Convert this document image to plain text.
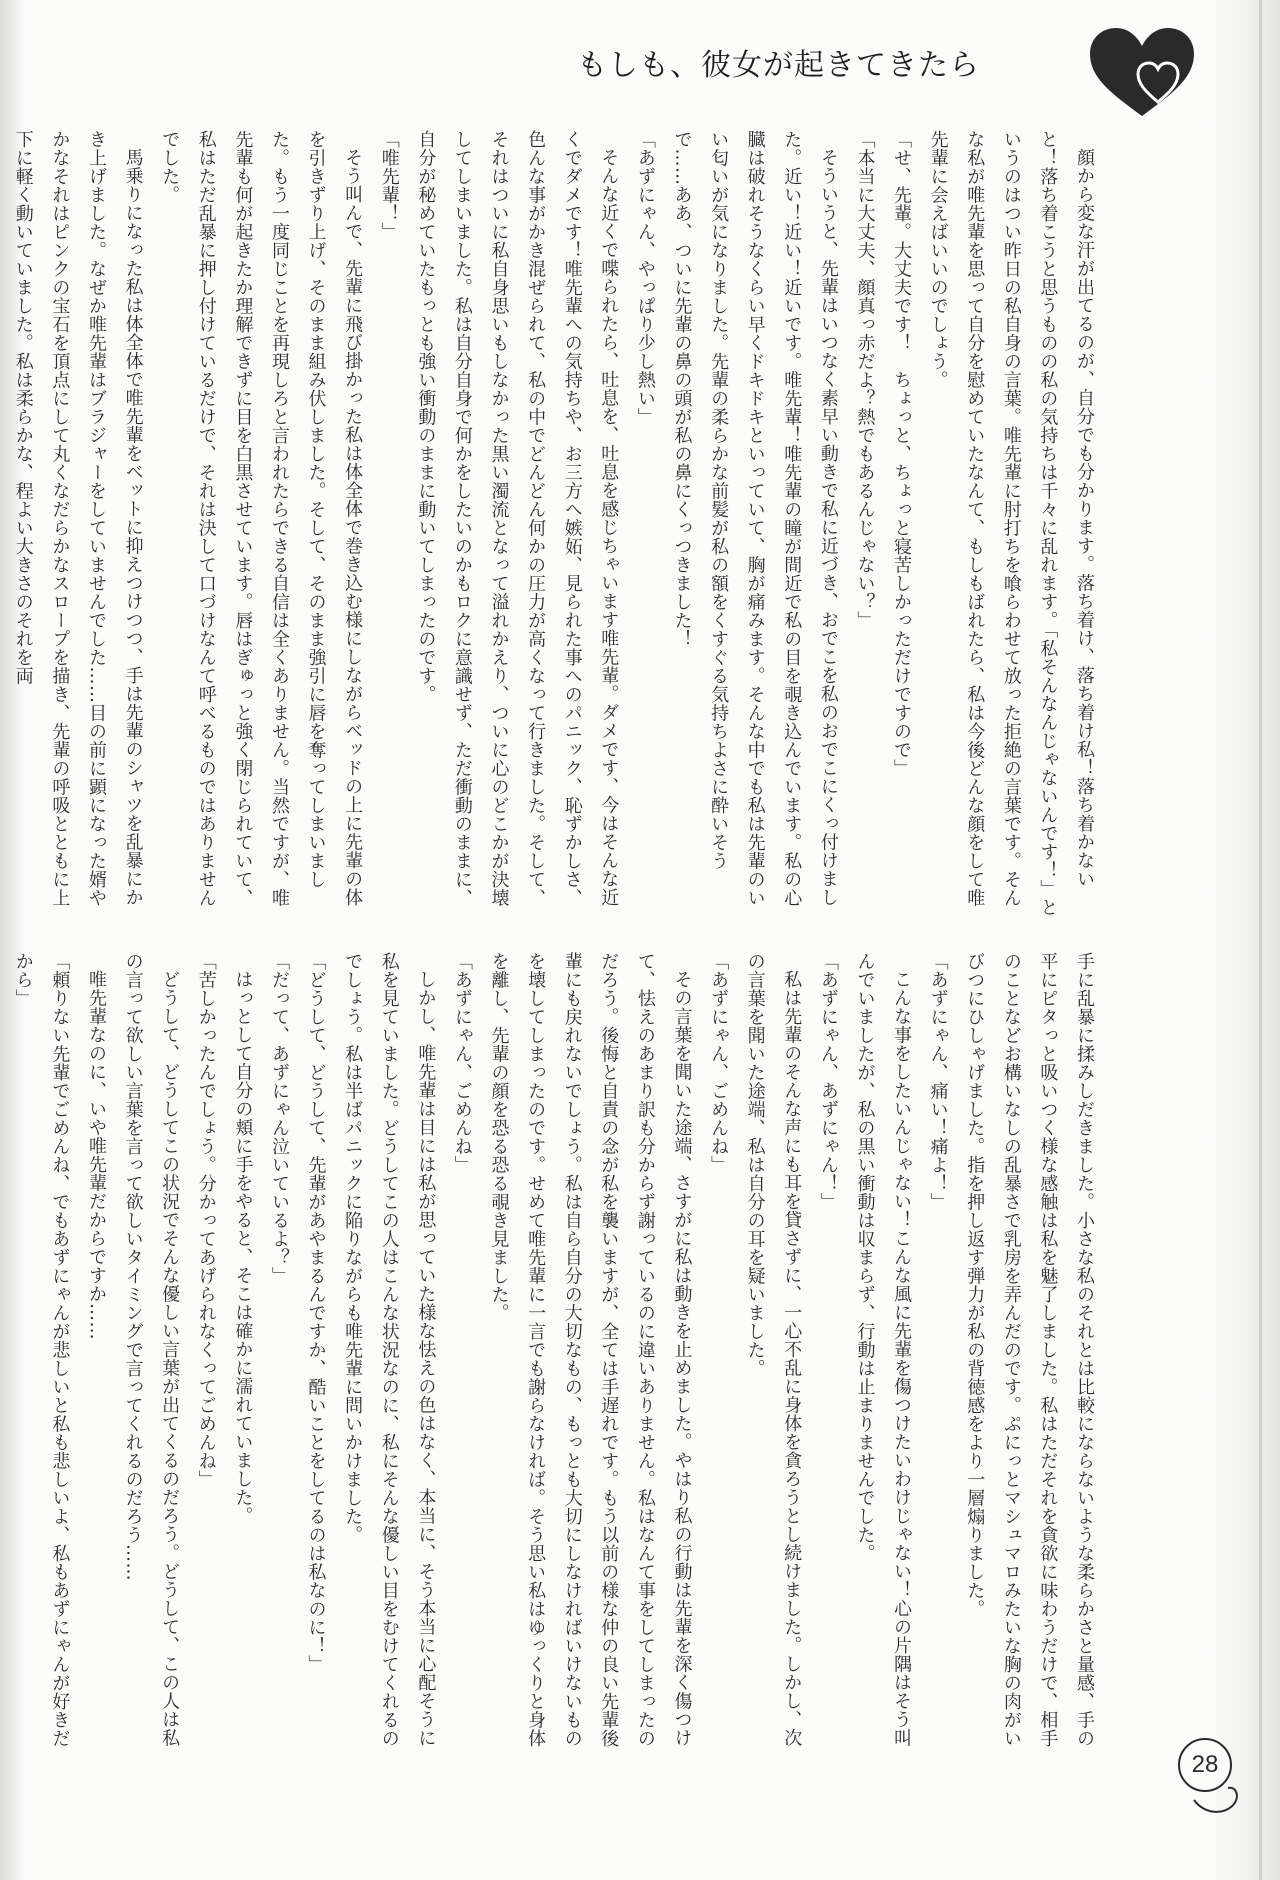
もしも、彼女が起きてきたら

顔から変な汗が出てるのが、自分でも分かります。落ち着け、落ち着け私！落ち着かないと！落ち着こうと思うものの私の気持ちは千々に乱れます。「私そんなんじゃないんです！」というのはつい昨日の私自身の言葉。唯先輩に肘打ちを喰らわせて放った拒絶の言葉です。そんな私が唯先輩を思って自分を慰めていたなんて、もしもばれたら、私は今後どんな顔をして唯先輩に会えばいいのでしょう。

「せ、先輩。大丈夫です！　ちょっと、ちょっと寝苦しかっただけですので」

「本当に大丈夫、顔真っ赤だよ？熱でもあるんじゃない？」

そういうと、先輩はいつなく素早い動きで私に近づき、おでこを私のおでこにくっ付けました。近い！近い！近いです。唯先輩！唯先輩の瞳が間近で私の目を覗き込んでいます。私の心臓は破れそうなくらい早くドキドキといっていて、胸が痛みます。そんな中でも私は先輩のいい匂いが気になりました。先輩の柔らかな前髪が私の額をくすぐる気持ちよさに酔いそうで……ああ、ついに先輩の鼻の頭が私の鼻にくっつきました！

「あずにゃん、やっぱり少し熱い」

そんな近くで喋られたら、吐息を、吐息を感じちゃいます唯先輩。ダメです、今はそんな近くでダメです！唯先輩への気持ちや、お三方へ嫉妬、見られた事へのパニック、恥ずかしさ、色んな事がかき混ぜられて、私の中でどんどん何かの圧力が高くなって行きました。そして、それはついに私自身思いもしなかった黒い濁流となって溢れかえり、ついに心のどこかが決壊してしまいました。私は自分自身で何かをしたいのかもロクに意識せず、ただ衝動のままに、自分が秘めていたもっとも強い衝動のままに動いてしまったのです。

「唯先輩！」

そう叫んで、先輩に飛び掛かった私は体全体で巻き込む様にしながらベッドの上に先輩の体を引きずり上げ、そのまま組み伏しました。そして、そのまま強引に唇を奪ってしまいました。もう一度同じことを再現しろと言われたらできる自信は全くありません。当然ですが、唯先輩も何が起きたか理解できずに目を白黒させています。唇はぎゅっと強く閉じられていて、私はただ乱暴に押し付けているだけで、それは決して口づけなんて呼べるものではありませんでした。

馬乗りになった私は体全体で唯先輩をベットに抑えつけつつ、手は先輩のシャツを乱暴にかき上げました。なぜか唯先輩はブラジャーをしていませんでした……目の前に顕になった婿やかなそれはピンクの宝石を頂点にして丸くなだらかなスロープを描き、先輩の呼吸とともに上下に軽く動いていました。私は柔らかな、程よい大きさのそれを両

手に乱暴に揉みしだきました。小さな私のそれとは比較にならないような柔らかさと量感、手の平にピタっと吸いつく様な感触は私を魅了しました。私はただそれを貪欲に味わうだけで、相手のことなどお構いなしの乱暴さで乳房を弄んだのです。ぷにっとマシュマロみたいな胸の肉がいびつにひしゃげました。指を押し返す弾力が私の背徳感をより一層煽りました。

「あずにゃん、痛い！痛よ！」

こんな事をしたいんじゃない！こんな風に先輩を傷つけたいわけじゃない！心の片隅はそう叫んでいましたが、私の黒い衝動は収まらず、行動は止まりませんでした。

「あずにゃん、あずにゃん！」

私は先輩のそんな声にも耳を貸さずに、一心不乱に身体を貪ろうとし続けました。しかし、次の言葉を聞いた途端、私は自分の耳を疑いました。

「あずにゃん、ごめんね」

その言葉を聞いた途端、さすがに私は動きを止めました。やはり私の行動は先輩を深く傷つけて、怯えのあまり訳も分からず謝っているのに違いありません。私はなんて事をしてしまったのだろう。後悔と自責の念が私を襲いますが、全ては手遅れです。もう以前の様な仲の良い先輩後輩にも戻れないでしょう。私は自ら自分の大切なもの、もっとも大切にしなければいけないものを壊してしまったのです。せめて唯先輩に一言でも謝らなければ。そう思い私はゆっくりと身体を離し、先輩の顔を恐る恐る覗き見ました。

「あずにゃん、ごめんね」

しかし、唯先輩は目には私が思っていた様な怯えの色はなく、本当に、そう本当に心配そうに私を見ていました。どうしてこの人はこんな状況なのに、私にそんな優しい目をむけてくれるのでしょう。私は半ばパニックに陥りながらも唯先輩に問いかけました。

「どうして、どうして、先輩があやまるんですか、酷いことをしてるのは私なのに！」

「だって、あずにゃん泣いているよ？」

はっとして自分の頬に手をやると、そこは確かに濡れていました。

「苦しかったんでしょう。分かってあげられなくってごめんね」

どうして、どうしてこの状況でそんな優しい言葉が出てくるのだろう。どうして、この人は私の言って欲しい言葉を言って欲しいタイミングで言ってくれるのだろう……

唯先輩なのに、いや唯先輩だからですか……

「頼りない先輩でごめんね、でもあずにゃんが悲しいと私も悲しいよ、私もあずにゃんが好きだから」

28
